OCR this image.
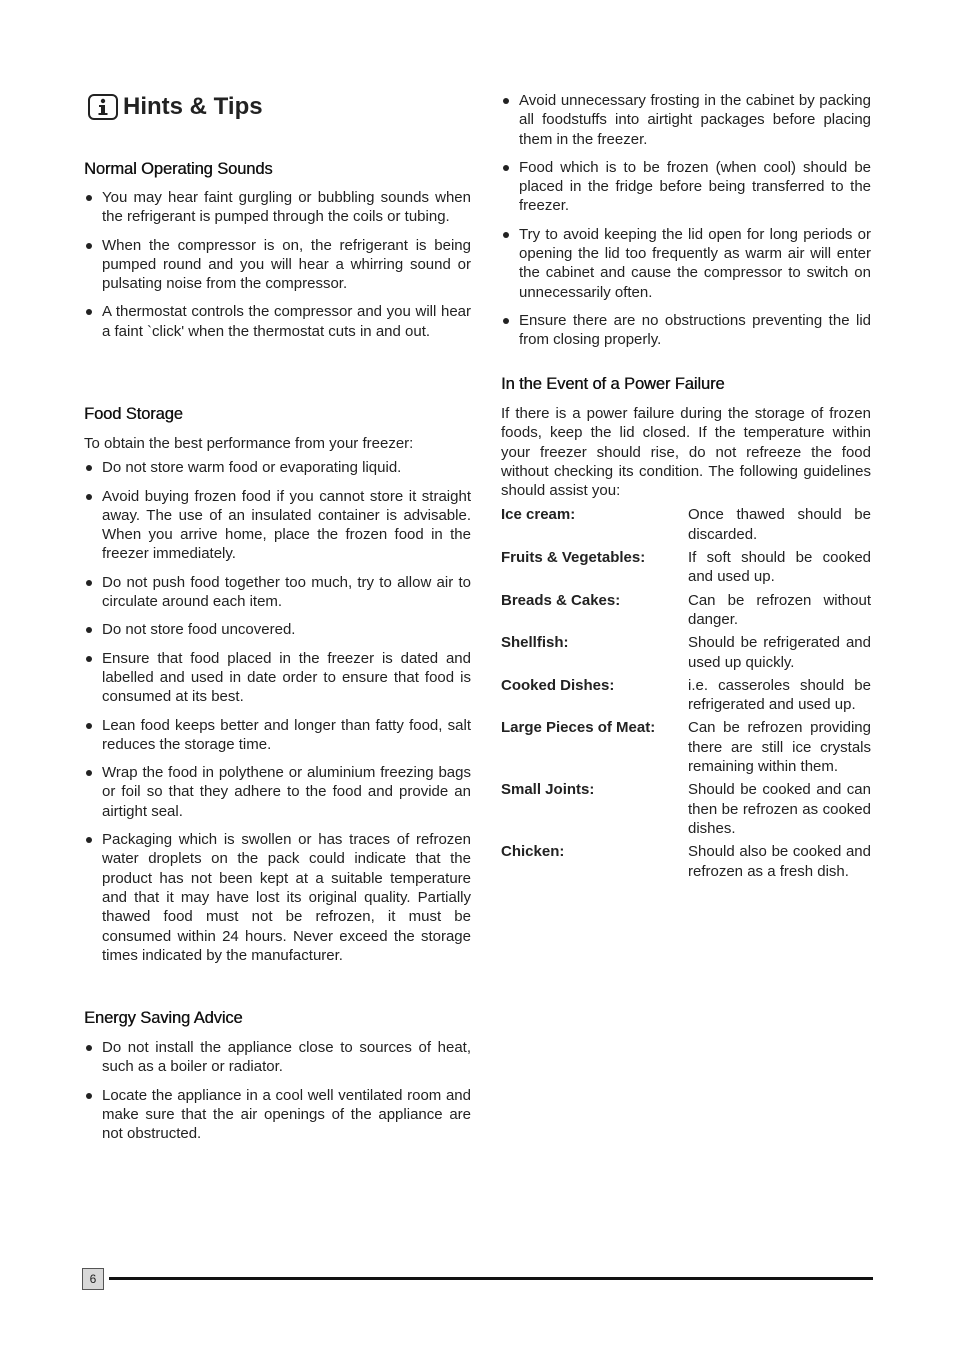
Hints & Tips
Normal Operating Sounds
You may hear faint gurgling or bubbling sounds when the refrigerant is pumped through the coils or tubing.
When the compressor is on, the refrigerant is being pumped round and you will hear a whirring sound or pulsating noise from the compressor.
A thermostat controls the compressor and you will hear a faint `click' when the thermostat cuts in and out.
Food Storage

To obtain the best performance from your freezer:

Do not store warm food or evaporating liquid.
Avoid buying frozen food if you cannot store it straight away. The use of an insulated container is advisable. When you arrive home, place the frozen food in the freezer immediately.
Do not push food together too much, try to allow air to circulate around each item.
Do not store food uncovered.
Ensure that food placed in the freezer is dated and labelled and used in date order to ensure that food is consumed at its best.
Lean food keeps better and longer than fatty food, salt reduces the storage time.
Wrap the food in polythene or aluminium freezing bags or foil so that they adhere to the food and provide an airtight seal.
Packaging which is swollen or has traces of refrozen water droplets on the pack could indicate that the product has not been kept at a suitable temperature and that it may have lost its original quality. Partially thawed food must not be refrozen, it must be consumed within 24 hours. Never exceed the storage times indicated by the manufacturer.
Energy Saving Advice
Do not install the appliance close to sources of heat, such as a boiler or radiator.
Locate the appliance in a cool well ventilated room and make sure that the air openings of the appliance are not obstructed.
Avoid unnecessary frosting in the cabinet by packing all foodstuffs into airtight packages before placing them in the freezer.
Food which is to be frozen (when cool) should be placed in the fridge before being transferred to the freezer.
Try to avoid keeping the lid open for long periods or opening the lid too frequently as warm air will enter the cabinet and cause the compressor to switch on unnecessarily often.
Ensure there are no obstructions preventing the lid from closing properly.
In the Event of a Power Failure

If there is a power failure during the storage of frozen foods, keep the lid closed. If the temperature within your freezer should rise, do not refreeze the food without checking its condition. The following guidelines should assist you:

Ice cream:	Once thawed should be discarded.
Fruits & Vegetables:	If soft should be cooked and used up.
Breads & Cakes:	Can be refrozen without danger.
Shellfish:	Should be refrigerated and used up quickly.
Cooked Dishes:	i.e. casseroles should be refrigerated and used up.
Large Pieces of Meat:	Can be refrozen providing there are still ice crystals remaining within them.
Small Joints:	Should be cooked and can then be refrozen as cooked dishes.
Chicken:	Should also be cooked and refrozen as a fresh dish.
6
